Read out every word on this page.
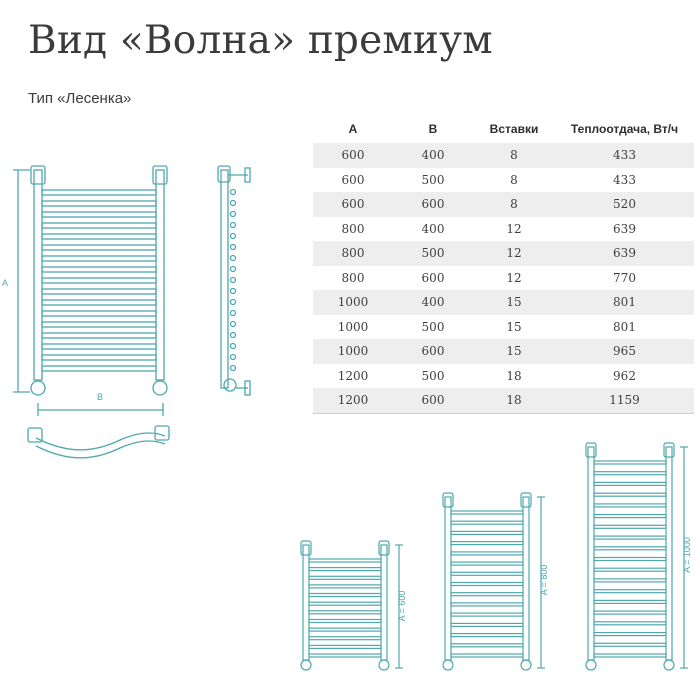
Вид «Волна» премиум
Тип «Лесенка»
A	B	Вставки	Теплоотдача, Вт/ч
600	400	8	433
600	500	8	433
600	600	8	520
800	400	12	639
800	500	12	639
800	600	12	770
1000	400	15	801
1000	500	15	801
1000	600	15	965
1200	500	18	962
1200	600	18	1159
A
B
A = 600
A = 800
A = 1000
